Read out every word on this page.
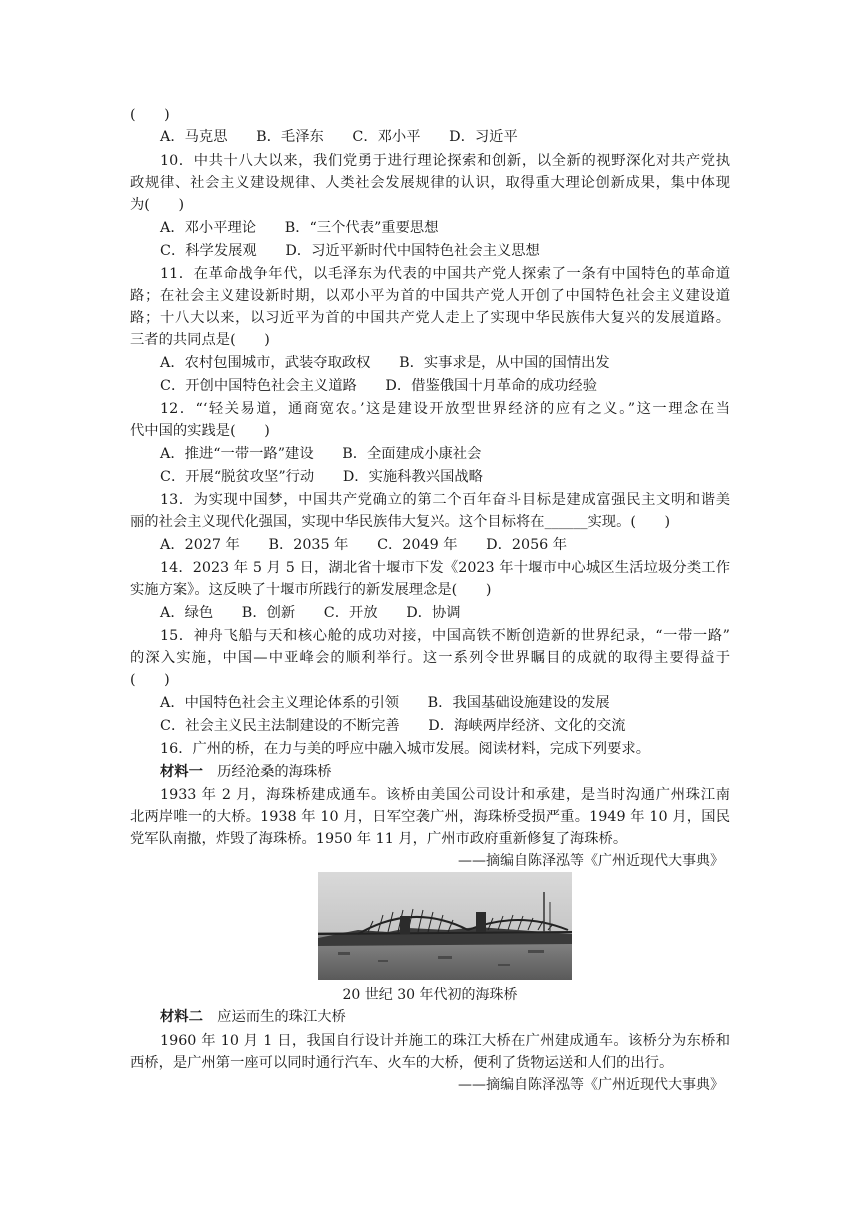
(　　)
A．马克思　　B．毛泽东　　C．邓小平　　D．习近平
10．中共十八大以来，我们党勇于进行理论探索和创新，以全新的视野深化对共产党执
政规律、社会主义建设规律、人类社会发展规律的认识，取得重大理论创新成果，集中体现
为(　　)
A．邓小平理论　　B．“三个代表”重要思想
C．科学发展观　　D．习近平新时代中国特色社会主义思想
11．在革命战争年代，以毛泽东为代表的中国共产党人探索了一条有中国特色的革命道
路；在社会主义建设新时期，以邓小平为首的中国共产党人开创了中国特色社会主义建设道
路；十八大以来，以习近平为首的中国共产党人走上了实现中华民族伟大复兴的发展道路。
三者的共同点是(　　)
A．农村包围城市，武装夺取政权　　B．实事求是，从中国的国情出发
C．开创中国特色社会主义道路　　D．借鉴俄国十月革命的成功经验
12．“‘轻关易道，通商宽农。’这是建设开放型世界经济的应有之义。”这一理念在当
代中国的实践是(　　)
A．推进“一带一路”建设　　B．全面建成小康社会
C．开展“脱贫攻坚”行动　　D．实施科教兴国战略
13．为实现中国梦，中国共产党确立的第二个百年奋斗目标是建成富强民主文明和谐美
丽的社会主义现代化强国，实现中华民族伟大复兴。这个目标将在______实现。(　　)
A．2027 年　　B．2035 年　　C．2049 年　　D．2056 年
14．2023 年 5 月 5 日，湖北省十堰市下发《2023 年十堰市中心城区生活垃圾分类工作
实施方案》。这反映了十堰市所践行的新发展理念是(　　)
A．绿色　　B．创新　　C．开放　　D．协调
15．神舟飞船与天和核心舱的成功对接，中国高铁不断创造新的世界纪录，“一带一路”
的深入实施，中国—中亚峰会的顺利举行。这一系列令世界瞩目的成就的取得主要得益于
(　　)
A．中国特色社会主义理论体系的引领　　B．我国基础设施建设的发展
C．社会主义民主法制建设的不断完善　　D．海峡两岸经济、文化的交流
16．广州的桥，在力与美的呼应中融入城市发展。阅读材料，完成下列要求。
材料一　历经沧桑的海珠桥
1933 年 2 月，海珠桥建成通车。该桥由美国公司设计和承建，是当时沟通广州珠江南
北两岸唯一的大桥。1938 年 10 月，日军空袭广州，海珠桥受损严重。1949 年 10 月，国民
党军队南撤，炸毁了海珠桥。1950 年 11 月，广州市政府重新修复了海珠桥。
——摘编自陈泽泓等《广州近现代大事典》
20 世纪 30 年代初的海珠桥
材料二　应运而生的珠江大桥
1960 年 10 月 1 日，我国自行设计并施工的珠江大桥在广州建成通车。该桥分为东桥和
西桥，是广州第一座可以同时通行汽车、火车的大桥，便利了货物运送和人们的出行。
——摘编自陈泽泓等《广州近现代大事典》
